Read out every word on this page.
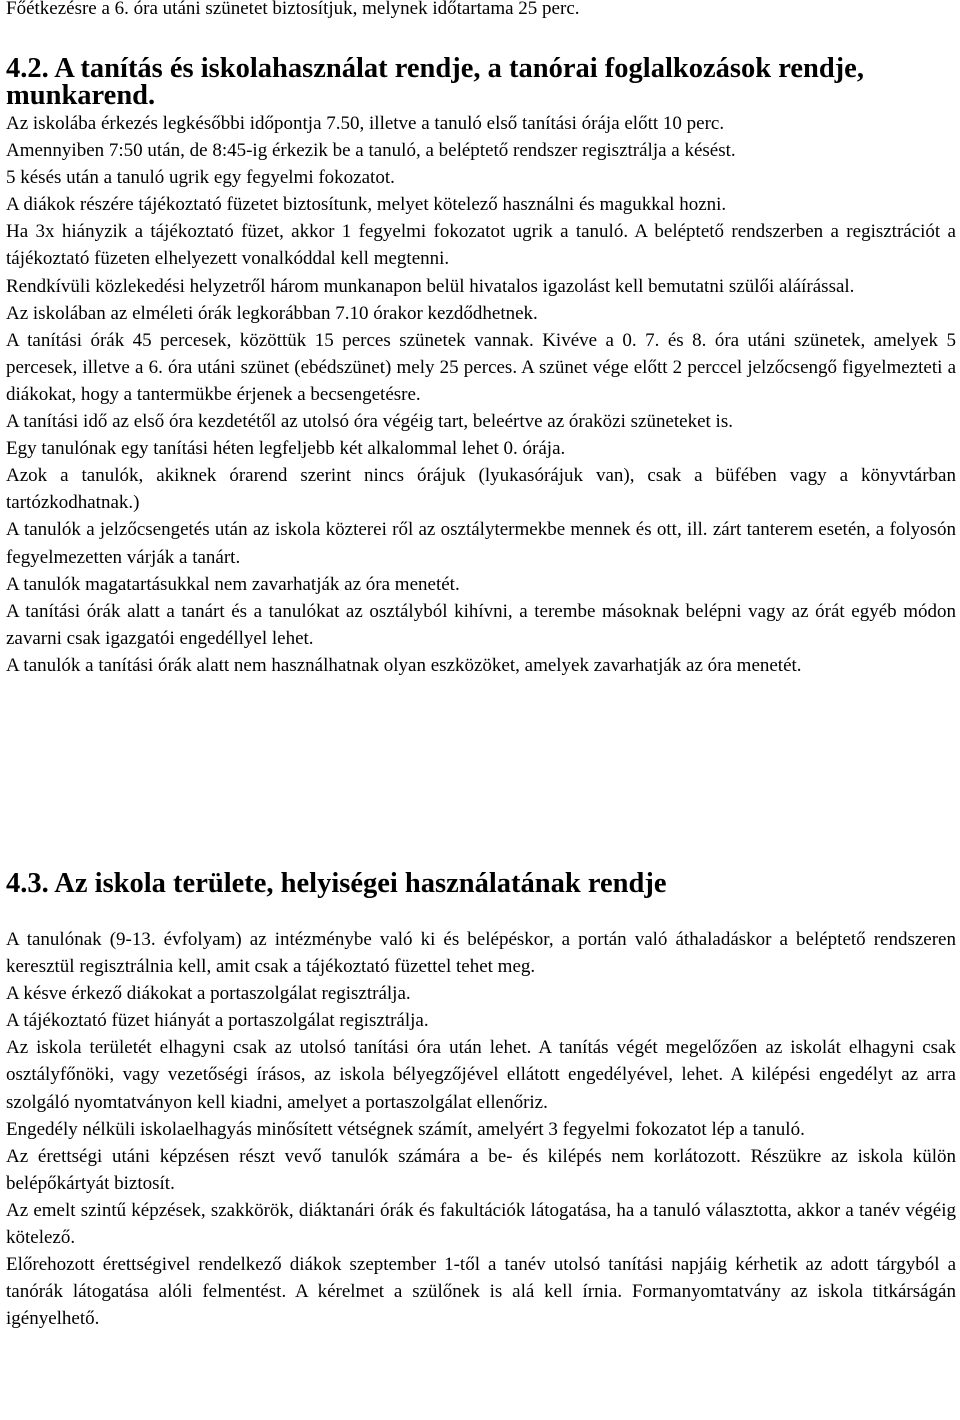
Főétkezésre a 6. óra utáni szünetet biztosítjuk, melynek időtartama 25 perc.

4.2. A tanítás és iskolahasználat rendje, a tanórai foglalkozások rendje, munkarend.

Az iskolába érkezés legkésőbbi időpontja 7.50, illetve a tanuló első tanítási órája előtt 10 perc.

Amennyiben 7:50 után, de 8:45-ig érkezik be a tanuló, a beléptető rendszer regisztrálja a késést.

5 késés után a tanuló ugrik egy fegyelmi fokozatot.

A diákok részére tájékoztató füzetet biztosítunk, melyet kötelező használni és magukkal hozni.

Ha 3x hiányzik a tájékoztató füzet, akkor 1 fegyelmi fokozatot ugrik a tanuló. A beléptető rendszerben a regisztrációt a tájékoztató füzeten elhelyezett vonalkóddal kell megtenni.

Rendkívüli közlekedési helyzetről három munkanapon belül hivatalos igazolást kell bemutatni szülői aláírással.

Az iskolában az elméleti órák legkorábban 7.10 órakor kezdődhetnek.

A tanítási órák 45 percesek, közöttük 15 perces szünetek vannak. Kivéve a 0. 7. és 8. óra utáni szünetek, amelyek 5 percesek, illetve a 6. óra utáni szünet (ebédszünet) mely 25 perces. A szünet vége előtt 2 perccel jelzőcsengő figyelmezteti a diákokat, hogy a tantermükbe érjenek a becsengetésre.

A tanítási idő az első óra kezdetétől az utolsó óra végéig tart, beleértve az óraközi szüneteket is.

Egy tanulónak egy tanítási héten legfeljebb két alkalommal lehet 0. órája.

Azok a tanulók, akiknek órarend szerint nincs órájuk (lyukasórájuk van), csak a büfében vagy a könyvtárban tartózkodhatnak.)

A tanulók a jelzőcsengetés után az iskola közterei ről az osztálytermekbe mennek és ott, ill. zárt tanterem esetén, a folyosón fegyelmezetten várják a tanárt.

A tanulók magatartásukkal nem zavarhatják az óra menetét.

A tanítási órák alatt a tanárt és a tanulókat az osztályból kihívni, a terembe másoknak belépni vagy az órát egyéb módon zavarni csak igazgatói engedéllyel lehet.

A tanulók a tanítási órák alatt nem használhatnak olyan eszközöket, amelyek zavarhatják az óra menetét.

4.3. Az iskola területe, helyiségei használatának rendje

A tanulónak (9-13. évfolyam) az intézménybe való ki és belépéskor, a portán való áthaladáskor a beléptető rendszeren keresztül regisztrálnia kell, amit csak a tájékoztató füzettel tehet meg.

A késve érkező diákokat a portaszolgálat regisztrálja.

A tájékoztató füzet hiányát a portaszolgálat regisztrálja.

Az iskola területét elhagyni csak az utolsó tanítási óra után lehet. A tanítás végét megelőzően az iskolát elhagyni csak osztályfőnöki, vagy vezetőségi írásos, az iskola bélyegzőjével ellátott engedélyével, lehet. A kilépési engedélyt az arra szolgáló nyomtatványon kell kiadni, amelyet a portaszolgálat ellenőriz.

Engedély nélküli iskolaelhagyás minősített vétségnek számít, amelyért 3 fegyelmi fokozatot lép a tanuló.

Az érettségi utáni képzésen részt vevő tanulók számára a be- és kilépés nem korlátozott. Részükre az iskola külön belépőkártyát biztosít.

Az emelt szintű képzések, szakkörök, diáktanári órák és fakultációk látogatása, ha a tanuló választotta, akkor a tanév végéig kötelező.

Előrehozott érettségivel rendelkező diákok szeptember 1-től a tanév utolsó tanítási napjáig kérhetik az adott tárgyból a tanórák látogatása alóli felmentést. A kérelmet a szülőnek is alá kell írnia. Formanyomtatvány az iskola titkárságán igényelhető.
